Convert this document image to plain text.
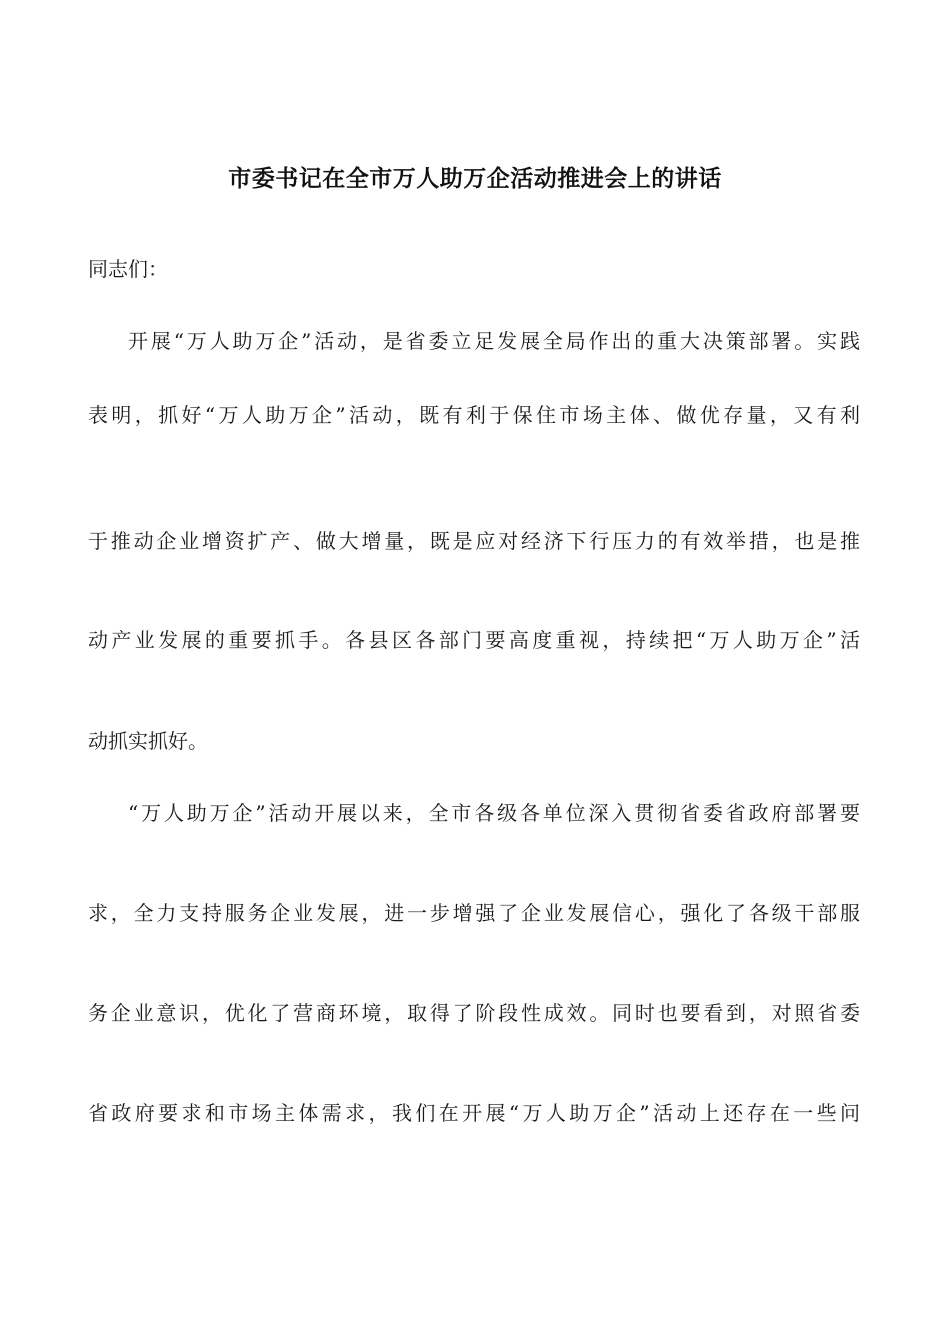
市委书记在全市万人助万企活动推进会上的讲话
同志们：
开展“万人助万企”活动，是省委立足发展全局作出的重大决策部署。实践
表明，抓好“万人助万企”活动，既有利于保住市场主体、做优存量，又有利
于推动企业增资扩产、做大增量，既是应对经济下行压力的有效举措，也是推
动产业发展的重要抓手。各县区各部门要高度重视，持续把“万人助万企”活
动抓实抓好。
“万人助万企”活动开展以来，全市各级各单位深入贯彻省委省政府部署要
求，全力支持服务企业发展，进一步增强了企业发展信心，强化了各级干部服
务企业意识，优化了营商环境，取得了阶段性成效。同时也要看到，对照省委
省政府要求和市场主体需求，我们在开展“万人助万企”活动上还存在一些问
